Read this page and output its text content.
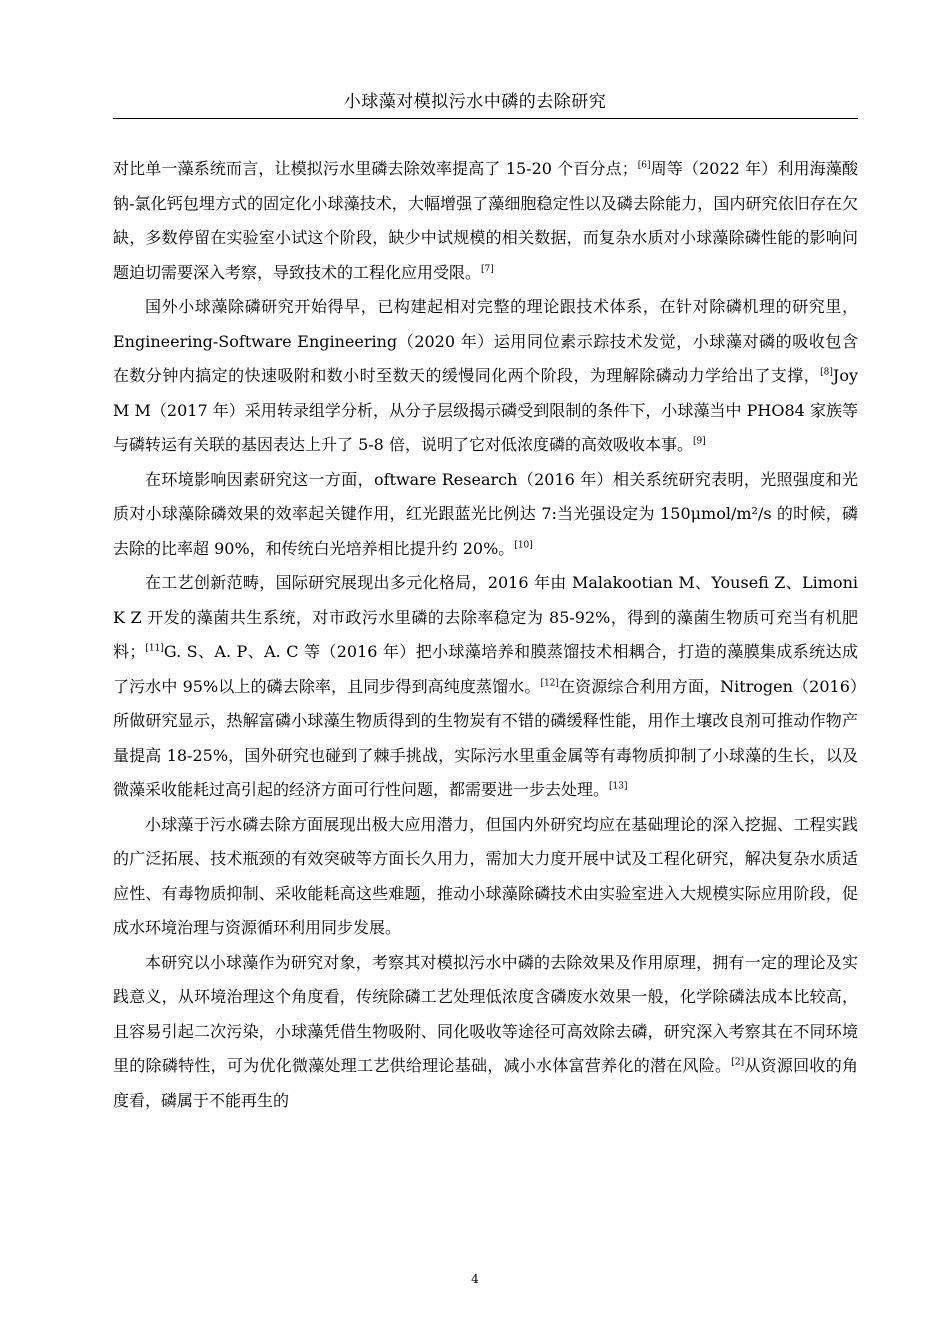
小球藻对模拟污水中磷的去除研究

对比单一藻系统而言，让模拟污水里磷去除效率提高了 15-20 个百分点；[6]周等（2022 年）利用海藻酸钠-氯化钙包埋方式的固定化小球藻技术，大幅增强了藻细胞稳定性以及磷去除能力，国内研究依旧存在欠缺，多数停留在实验室小试这个阶段，缺少中试规模的相关数据，而复杂水质对小球藻除磷性能的影响问题迫切需要深入考察，导致技术的工程化应用受限。[7]

国外小球藻除磷研究开始得早，已构建起相对完整的理论跟技术体系，在针对除磷机理的研究里，Engineering-Software Engineering（2020 年）运用同位素示踪技术发觉，小球藻对磷的吸收包含在数分钟内搞定的快速吸附和数小时至数天的缓慢同化两个阶段，为理解除磷动力学给出了支撑，[8]Joy M M（2017 年）采用转录组学分析，从分子层级揭示磷受到限制的条件下，小球藻当中 PHO84 家族等与磷转运有关联的基因表达上升了 5-8 倍，说明了它对低浓度磷的高效吸收本事。[9]

在环境影响因素研究这一方面，oftware Research（2016 年）相关系统研究表明，光照强度和光质对小球藻除磷效果的效率起关键作用，红光跟蓝光比例达 7:当光强设定为 150μmol/m²/s 的时候，磷去除的比率超 90%，和传统白光培养相比提升约 20%。[10]

在工艺创新范畴，国际研究展现出多元化格局，2016 年由 Malakootian M、Yousefi Z、Limoni K Z 开发的藻菌共生系统，对市政污水里磷的去除率稳定为 85-92%，得到的藻菌生物质可充当有机肥料；[11]G. S、A. P、A. C 等（2016 年）把小球藻培养和膜蒸馏技术相耦合，打造的藻膜集成系统达成了污水中 95%以上的磷去除率，且同步得到高纯度蒸馏水。[12]在资源综合利用方面，Nitrogen（2016）所做研究显示，热解富磷小球藻生物质得到的生物炭有不错的磷缓释性能，用作土壤改良剂可推动作物产量提高 18-25%，国外研究也碰到了棘手挑战，实际污水里重金属等有毒物质抑制了小球藻的生长，以及微藻采收能耗过高引起的经济方面可行性问题，都需要进一步去处理。[13]

小球藻于污水磷去除方面展现出极大应用潜力，但国内外研究均应在基础理论的深入挖掘、工程实践的广泛拓展、技术瓶颈的有效突破等方面长久用力，需加大力度开展中试及工程化研究，解决复杂水质适应性、有毒物质抑制、采收能耗高这些难题，推动小球藻除磷技术由实验室进入大规模实际应用阶段，促成水环境治理与资源循环利用同步发展。

本研究以小球藻作为研究对象，考察其对模拟污水中磷的去除效果及作用原理，拥有一定的理论及实践意义，从环境治理这个角度看，传统除磷工艺处理低浓度含磷废水效果一般，化学除磷法成本比较高，且容易引起二次污染，小球藻凭借生物吸附、同化吸收等途径可高效除去磷，研究深入考察其在不同环境里的除磷特性，可为优化微藻处理工艺供给理论基础，减小水体富营养化的潜在风险。[2]从资源回收的角度看，磷属于不能再生的

4
